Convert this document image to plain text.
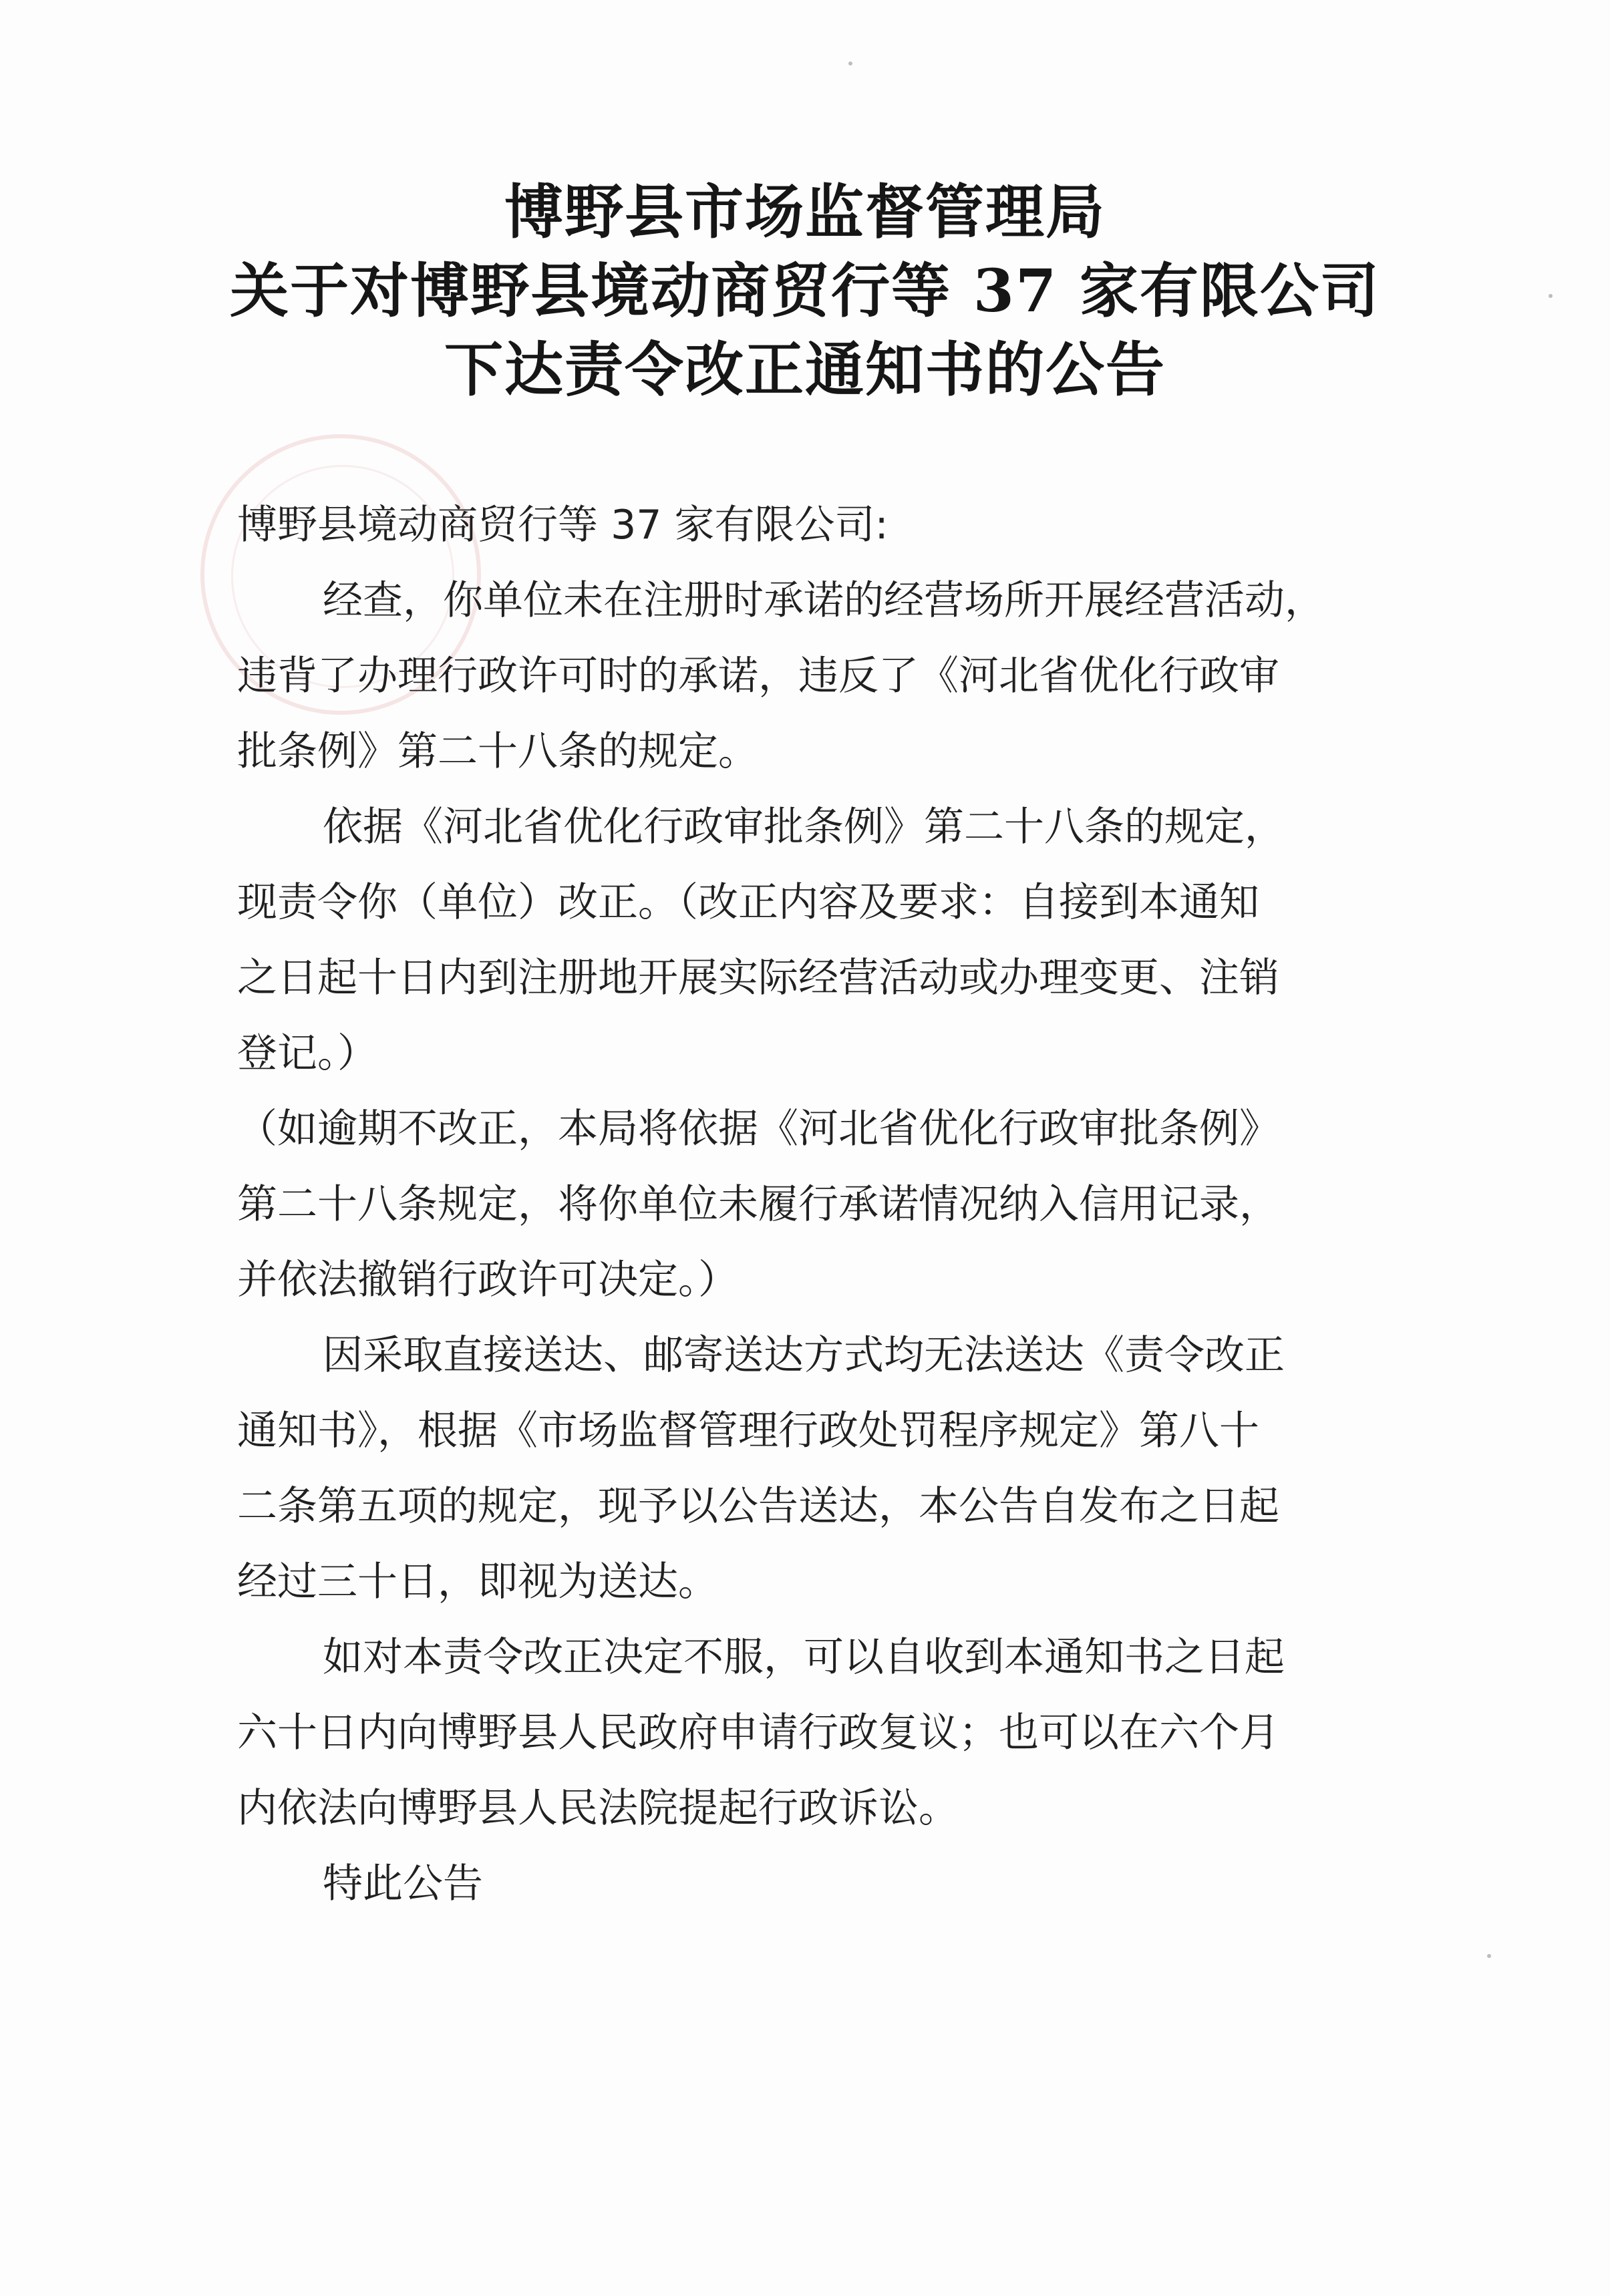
博野县市场监督管理局
关于对博野县境动商贸行等 37 家有限公司
下达责令改正通知书的公告
博野县境动商贸行等 37 家有限公司:
经查，你单位未在注册时承诺的经营场所开展经营活动，
违背了办理行政许可时的承诺，违反了《河北省优化行政审
批条例》第二十八条的规定。
依据《河北省优化行政审批条例》第二十八条的规定，
现责令你（单位）改正。（改正内容及要求：自接到本通知
之日起十日内到注册地开展实际经营活动或办理变更、注销
登记。）
（如逾期不改正，本局将依据《河北省优化行政审批条例》
第二十八条规定，将你单位未履行承诺情况纳入信用记录，
并依法撤销行政许可决定。）
因采取直接送达、邮寄送达方式均无法送达《责令改正
通知书》，根据《市场监督管理行政处罚程序规定》第八十
二条第五项的规定，现予以公告送达，本公告自发布之日起
经过三十日，即视为送达。
如对本责令改正决定不服，可以自收到本通知书之日起
六十日内向博野县人民政府申请行政复议；也可以在六个月
内依法向博野县人民法院提起行政诉讼。
特此公告
